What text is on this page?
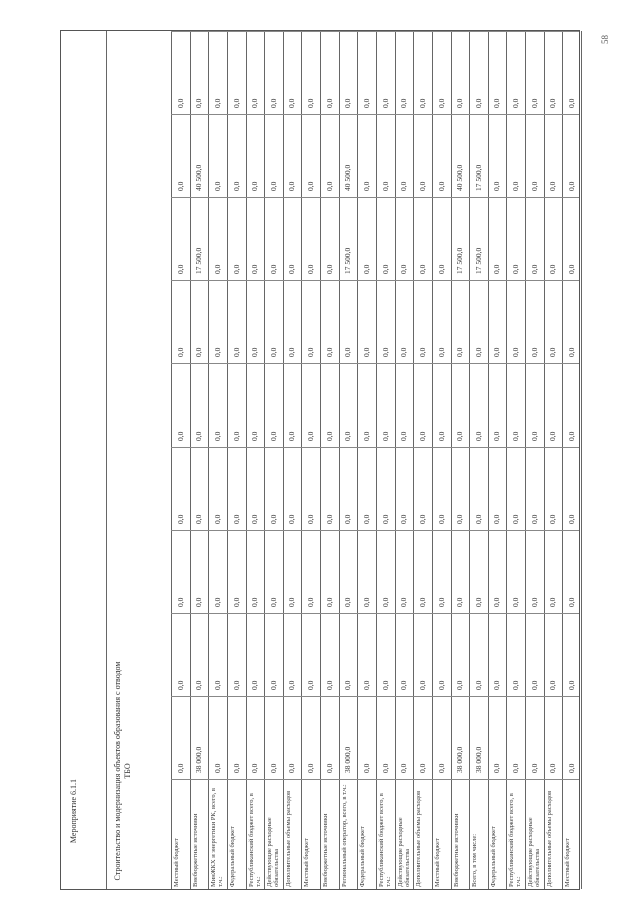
58
Мероприятие 6.1.1	Строительство и модернизация объектов образования с отводом ТБО
Местный бюджет
0,0
0,0
0,0
0,0
0,0
0,0
0,0
0,0
0,0
Внебюджетные источники
38 000,0
0,0
0,0
0,0
0,0
0,0
17 500,0
40 500,0
0,0
МинЖКХ и энергетики РК, всего, в т.ч.:
0,0
0,0
0,0
0,0
0,0
0,0
0,0
0,0
0,0
Федеральный бюджет
0,0
0,0
0,0
0,0
0,0
0,0
0,0
0,0
0,0
Республиканский бюджет всего, в т.ч.:
0,0
0,0
0,0
0,0
0,0
0,0
0,0
0,0
0,0
Действующие расходные обязательства
0,0
0,0
0,0
0,0
0,0
0,0
0,0
0,0
0,0
Дополнительные объемы расходов
0,0
0,0
0,0
0,0
0,0
0,0
0,0
0,0
0,0
Местный бюджет
0,0
0,0
0,0
0,0
0,0
0,0
0,0
0,0
0,0
Внебюджетные источники
0,0
0,0
0,0
0,0
0,0
0,0
0,0
0,0
0,0
Региональный оператор, всего, в т.ч.:
38 000,0
0,0
0,0
0,0
0,0
0,0
17 500,0
40 500,0
0,0
Федеральный бюджет
0,0
0,0
0,0
0,0
0,0
0,0
0,0
0,0
0,0
Республиканский бюджет всего, в т.ч.:
0,0
0,0
0,0
0,0
0,0
0,0
0,0
0,0
0,0
Действующие расходные обязательства
0,0
0,0
0,0
0,0
0,0
0,0
0,0
0,0
0,0
Дополнительные объемы расходов
0,0
0,0
0,0
0,0
0,0
0,0
0,0
0,0
0,0
Местный бюджет
0,0
0,0
0,0
0,0
0,0
0,0
0,0
0,0
0,0
Внебюджетные источники
38 000,0
0,0
0,0
0,0
0,0
0,0
17 500,0
40 500,0
0,0
Всего, в том числе:
38 000,0
0,0
0,0
0,0
0,0
0,0
17 500,0
17 500,0
0,0
Федеральный бюджет
0,0
0,0
0,0
0,0
0,0
0,0
0,0
0,0
0,0
Республиканский бюджет всего, в т.ч.:
0,0
0,0
0,0
0,0
0,0
0,0
0,0
0,0
0,0
Действующие расходные обязательства
0,0
0,0
0,0
0,0
0,0
0,0
0,0
0,0
0,0
Дополнительные объемы расходов
0,0
0,0
0,0
0,0
0,0
0,0
0,0
0,0
0,0
Местный бюджет
0,0
0,0
0,0
0,0
0,0
0,0
0,0
0,0
0,0
